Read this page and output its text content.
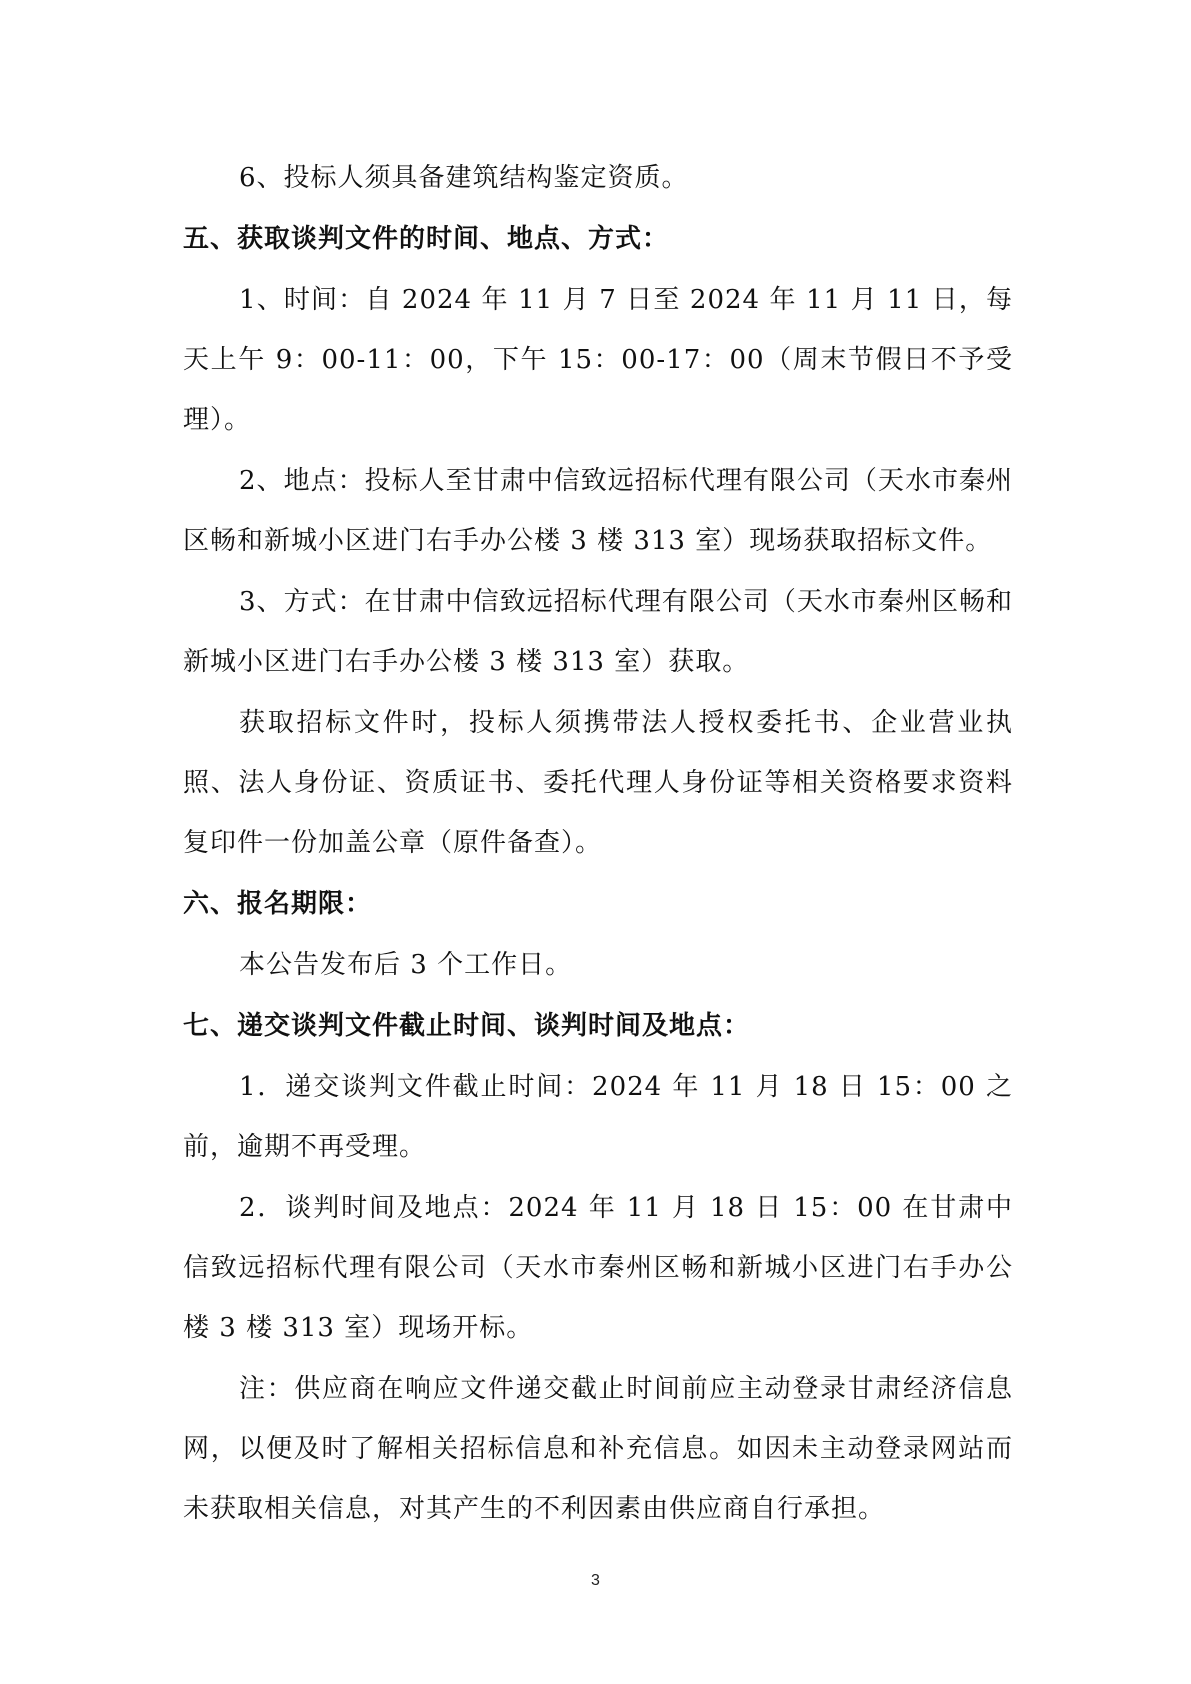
6、投标人须具备建筑结构鉴定资质。

五、获取谈判文件的时间、地点、方式：

1、时间：自 2024 年 11 月 7 日至 2024 年 11 月 11 日，每天上午 9：00-11：00，下午 15：00-17：00（周末节假日不予受理）。

2、地点：投标人至甘肃中信致远招标代理有限公司（天水市秦州区畅和新城小区进门右手办公楼 3 楼 313 室）现场获取招标文件。

3、方式：在甘肃中信致远招标代理有限公司（天水市秦州区畅和新城小区进门右手办公楼 3 楼 313 室）获取。

获取招标文件时，投标人须携带法人授权委托书、企业营业执照、法人身份证、资质证书、委托代理人身份证等相关资格要求资料复印件一份加盖公章（原件备查）。

六、报名期限：

本公告发布后 3 个工作日。

七、递交谈判文件截止时间、谈判时间及地点：

1．递交谈判文件截止时间：2024 年 11 月 18 日 15：00 之前，逾期不再受理。

2．谈判时间及地点：2024 年 11 月 18 日 15：00 在甘肃中信致远招标代理有限公司（天水市秦州区畅和新城小区进门右手办公楼 3 楼 313 室）现场开标。

注：供应商在响应文件递交截止时间前应主动登录甘肃经济信息网，以便及时了解相关招标信息和补充信息。如因未主动登录网站而未获取相关信息，对其产生的不利因素由供应商自行承担。

3
